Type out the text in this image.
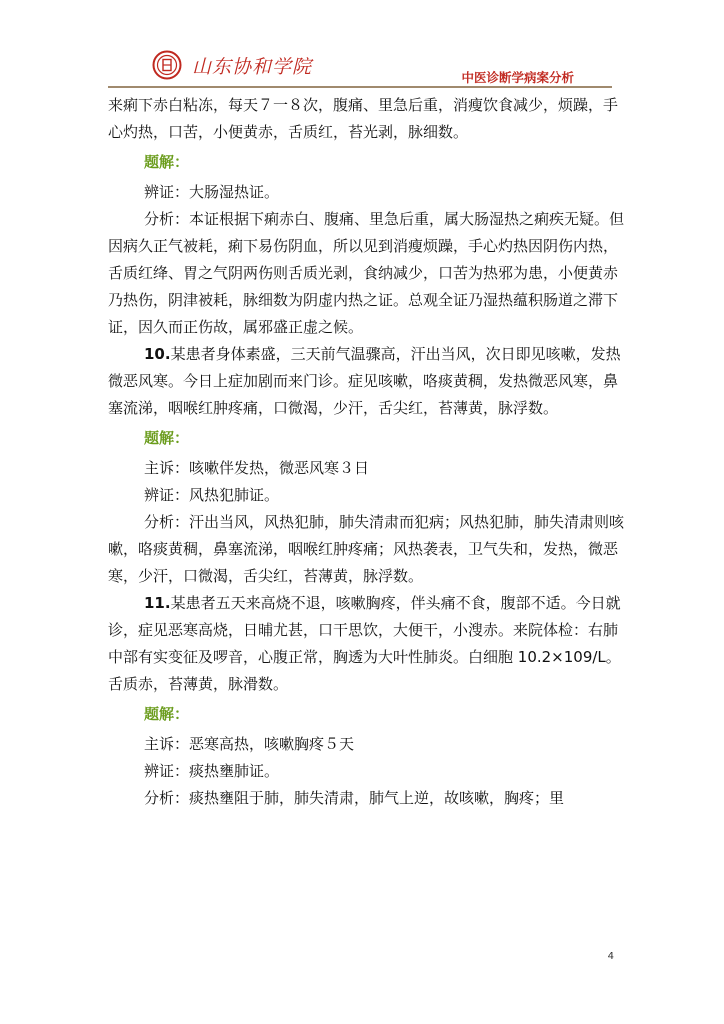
山东协和学院	中医诊断学病案分析

来痢下赤白粘冻，每天７一８次，腹痛、里急后重，消瘦饮食减少，烦躁，手心灼热，口苦，小便黄赤，舌质红，苔光剥，脉细数。

题解：

辨证：大肠湿热证。

分析：本证根据下痢赤白、腹痛、里急后重，属大肠湿热之痢疾无疑。但因病久正气被耗，痢下易伤阴血，所以见到消瘦烦躁，手心灼热因阴伤内热，舌质红绛、胃之气阴两伤则舌质光剥，食纳减少，口苦为热邪为患，小便黄赤乃热伤，阴津被耗，脉细数为阴虚内热之证。总观全证乃湿热蕴积肠道之滞下证，因久而正伤故，属邪盛正虚之候。

10.某患者身体素盛，三天前气温骤高，汗出当风，次日即见咳嗽，发热微恶风寒。今日上症加剧而来门诊。症见咳嗽，咯痰黄稠，发热微恶风寒，鼻塞流涕，咽喉红肿疼痛，口微渴，少汗，舌尖红，苔薄黄，脉浮数。

题解：

主诉：咳嗽伴发热，微恶风寒３日

辨证：风热犯肺证。

分析：汗出当风，风热犯肺，肺失清肃而犯病；风热犯肺，肺失清肃则咳嗽，咯痰黄稠，鼻塞流涕，咽喉红肿疼痛；风热袭表，卫气失和，发热，微恶寒，少汗，口微渴，舌尖红，苔薄黄，脉浮数。

11.某患者五天来高烧不退，咳嗽胸疼，伴头痛不食，腹部不适。今日就诊，症见恶寒高烧，日晡尤甚，口干思饮，大便干，小溲赤。来院体检：右肺中部有实变征及啰音，心腹正常，胸透为大叶性肺炎。白细胞 10.2×109/L。舌质赤，苔薄黄，脉滑数。

题解：

主诉：恶寒高热，咳嗽胸疼５天

辨证：痰热壅肺证。

分析：痰热壅阻于肺，肺失清肃，肺气上逆，故咳嗽，胸疼；里

4
